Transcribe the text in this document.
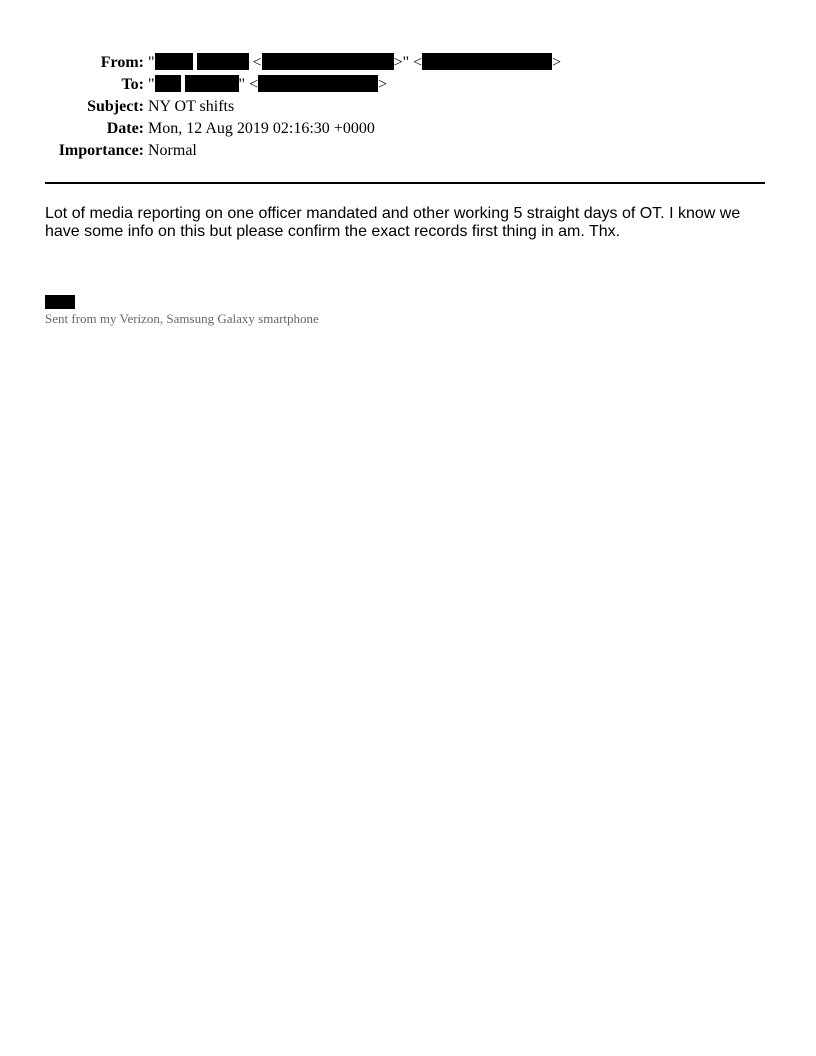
From: "	<	>" <	>
To: "	" <	>
Subject: NY OT shifts
Date: Mon, 12 Aug 2019 02:16:30 +0000
Importance: Normal
Lot of media reporting on one officer mandated and other working 5 straight days of OT. I know we have some info on this but please confirm the exact records first thing in am. Thx.
Sent from my Verizon, Samsung Galaxy smartphone
